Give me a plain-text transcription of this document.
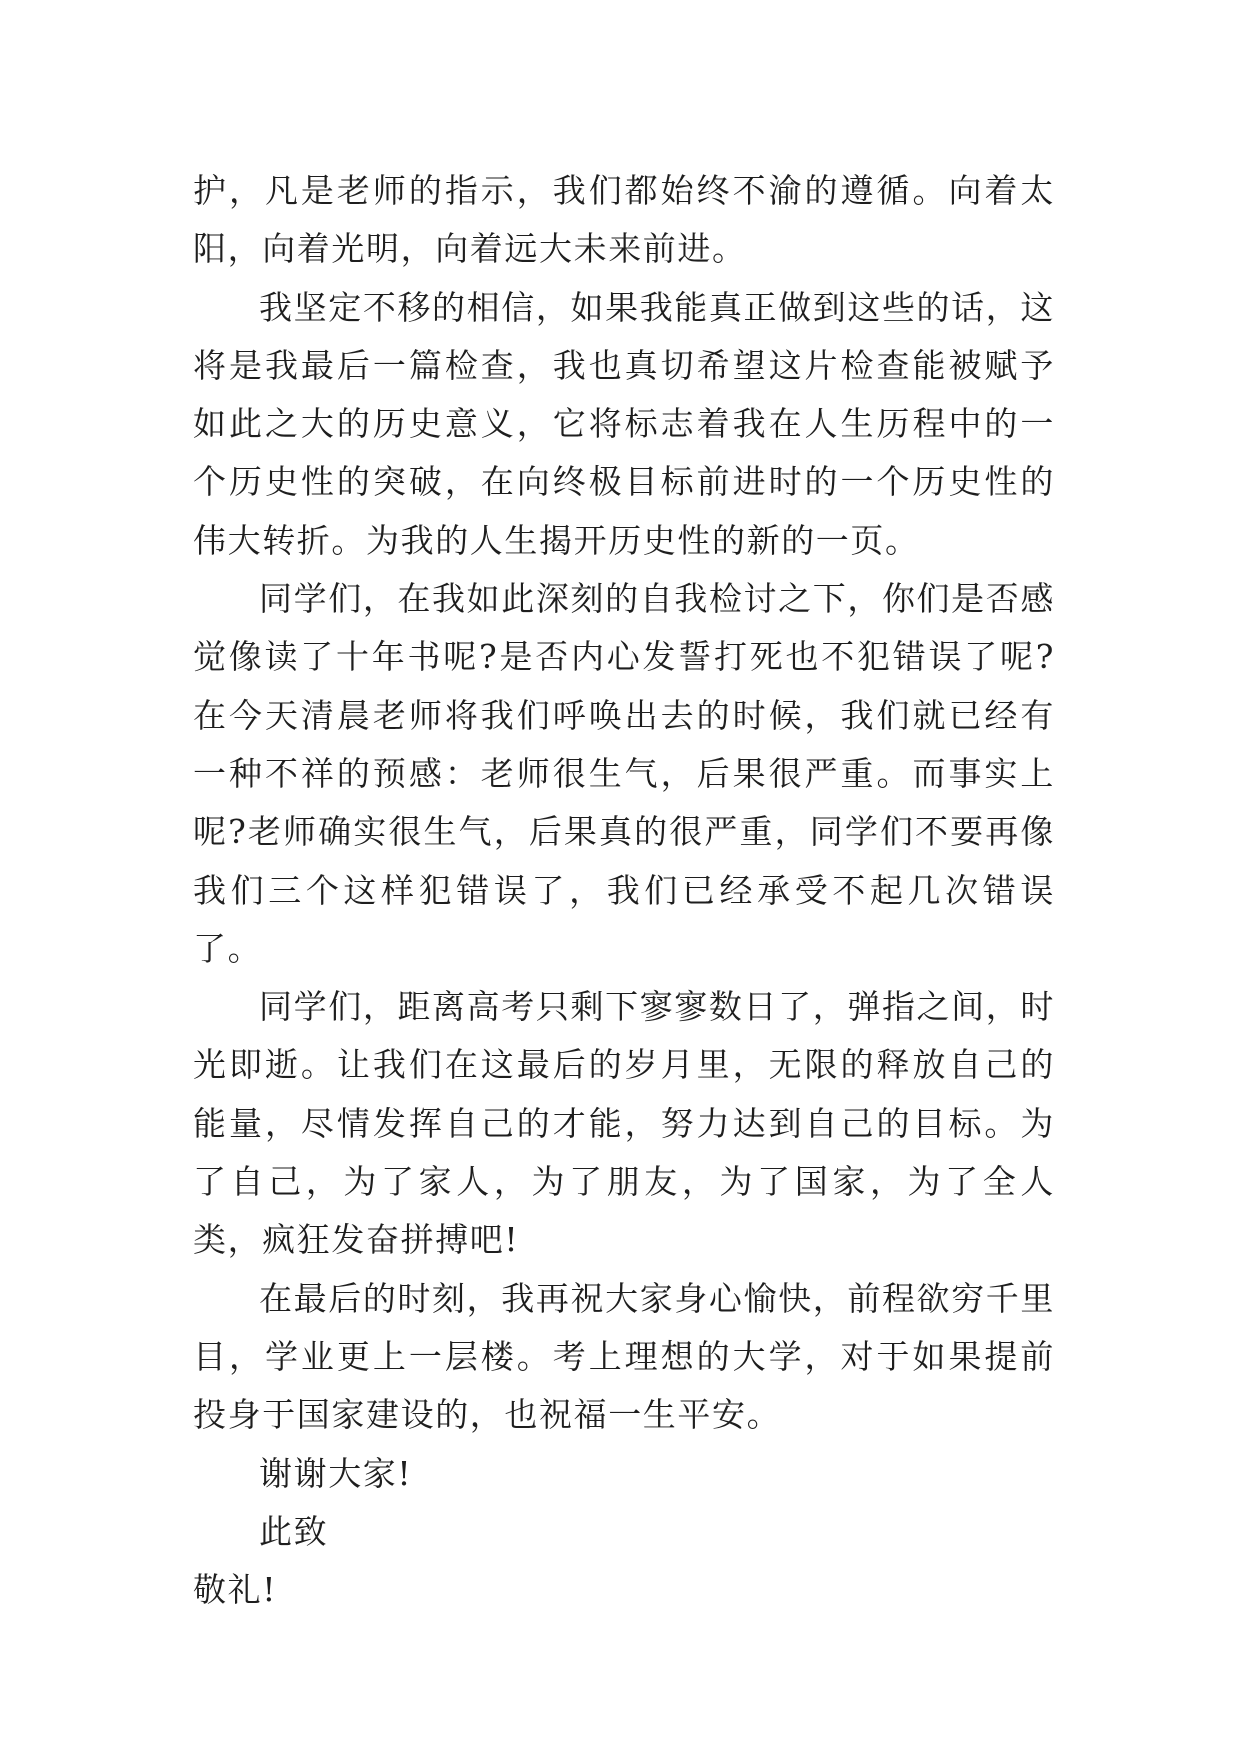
护，凡是老师的指示，我们都始终不渝的遵循。向着太阳，向着光明，向着远大未来前进。

我坚定不移的相信，如果我能真正做到这些的话，这将是我最后一篇检查，我也真切希望这片检查能被赋予如此之大的历史意义，它将标志着我在人生历程中的一个历史性的突破，在向终极目标前进时的一个历史性的伟大转折。为我的人生揭开历史性的新的一页。

同学们，在我如此深刻的自我检讨之下，你们是否感觉像读了十年书呢?是否内心发誓打死也不犯错误了呢?在今天清晨老师将我们呼唤出去的时候，我们就已经有一种不祥的预感：老师很生气，后果很严重。而事实上呢?老师确实很生气，后果真的很严重，同学们不要再像我们三个这样犯错误了，我们已经承受不起几次错误了。

同学们，距离高考只剩下寥寥数日了，弹指之间，时光即逝。让我们在这最后的岁月里，无限的释放自己的能量，尽情发挥自己的才能，努力达到自己的目标。为了自己，为了家人，为了朋友，为了国家，为了全人类，疯狂发奋拼搏吧!

在最后的时刻，我再祝大家身心愉快，前程欲穷千里目，学业更上一层楼。考上理想的大学，对于如果提前投身于国家建设的，也祝福一生平安。

谢谢大家!

此致

敬礼!
